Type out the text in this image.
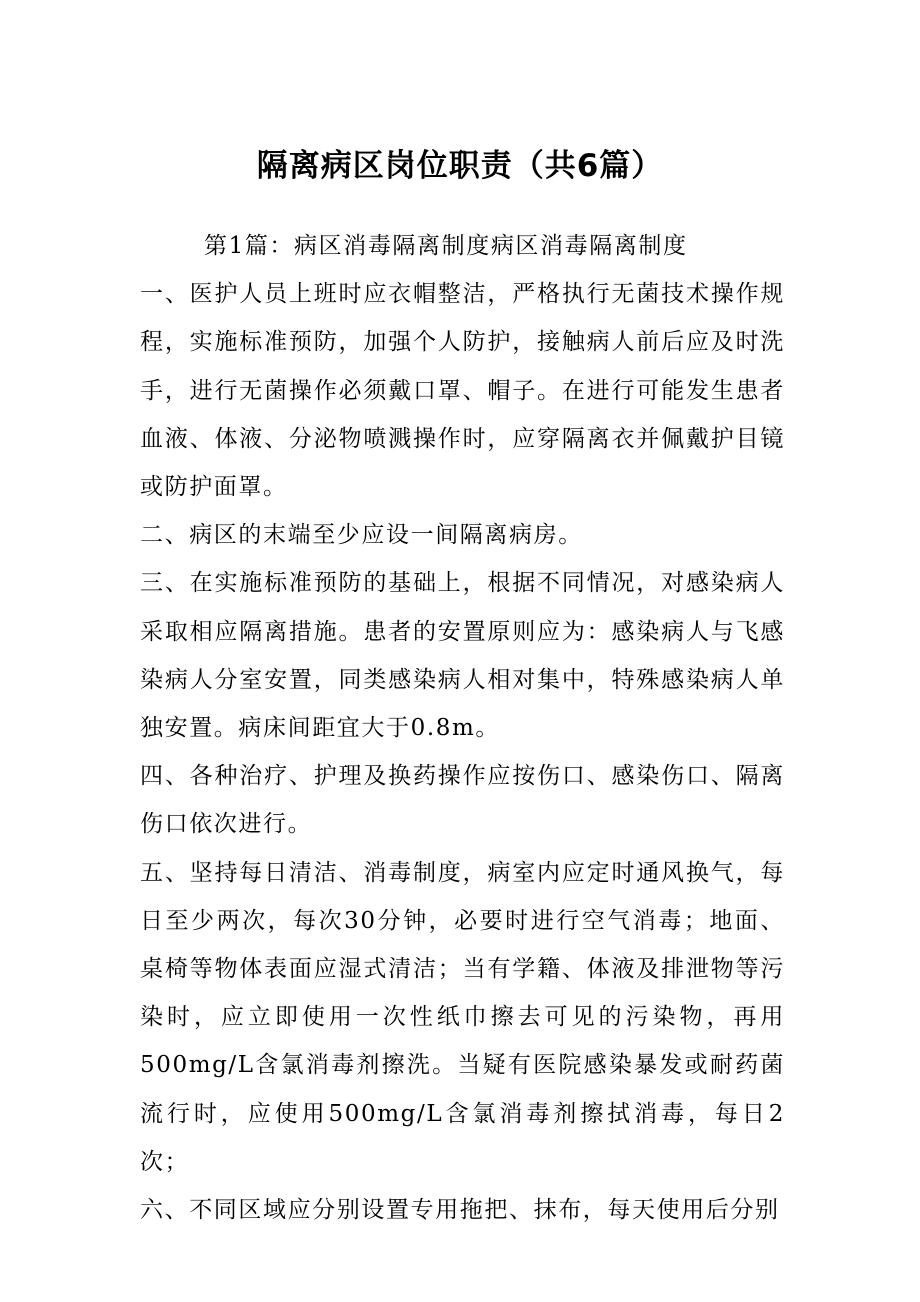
隔离病区岗位职责（共6篇）

第1篇：病区消毒隔离制度病区消毒隔离制度

一、医护人员上班时应衣帽整洁，严格执行无菌技术操作规程，实施标准预防，加强个人防护，接触病人前后应及时洗手，进行无菌操作必须戴口罩、帽子。在进行可能发生患者血液、体液、分泌物喷溅操作时，应穿隔离衣并佩戴护目镜或防护面罩。

二、病区的末端至少应设一间隔离病房。

三、在实施标准预防的基础上，根据不同情况，对感染病人采取相应隔离措施。患者的安置原则应为：感染病人与飞感染病人分室安置，同类感染病人相对集中，特殊感染病人单独安置。病床间距宜大于0.8m。

四、各种治疗、护理及换药操作应按伤口、感染伤口、隔离伤口依次进行。

五、坚持每日清洁、消毒制度，病室内应定时通风换气，每日至少两次，每次30分钟，必要时进行空气消毒；地面、桌椅等物体表面应湿式清洁；当有学籍、体液及排泄物等污染时，应立即使用一次性纸巾擦去可见的污染物，再用500mg/L含氯消毒剂擦洗。当疑有医院感染暴发或耐药菌流行时，应使用500mg/L含氯消毒剂擦拭消毒，每日2次；

六、不同区域应分别设置专用拖把、抹布，每天使用后分别
